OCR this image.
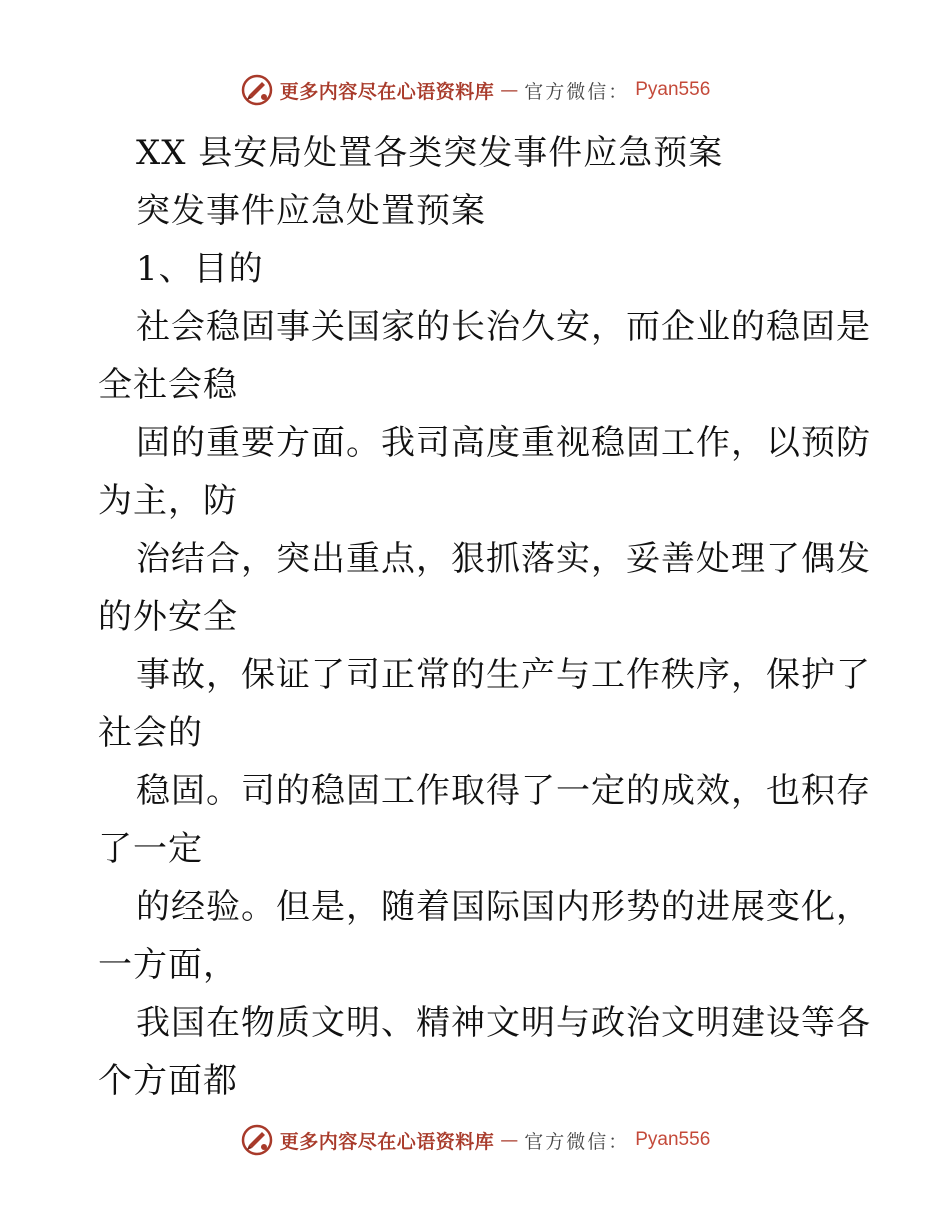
更多内容尽在心语资料库 — 官方微信： Pyan556
XX 县安局处置各类突发事件应急预案
突发事件应急处置预案
1、目的
社会稳固事关国家的长治久安，而企业的稳固是
全社会稳
固的重要方面。我司高度重视稳固工作，以预防
为主，防
治结合，突出重点，狠抓落实，妥善处理了偶发
的外安全
事故，保证了司正常的生产与工作秩序，保护了
社会的
稳固。司的稳固工作取得了一定的成效，也积存
了一定
的经验。但是，随着国际国内形势的进展变化，
一方面，
我国在物质文明、精神文明与政治文明建设等各
个方面都
更多内容尽在心语资料库 — 官方微信： Pyan556
